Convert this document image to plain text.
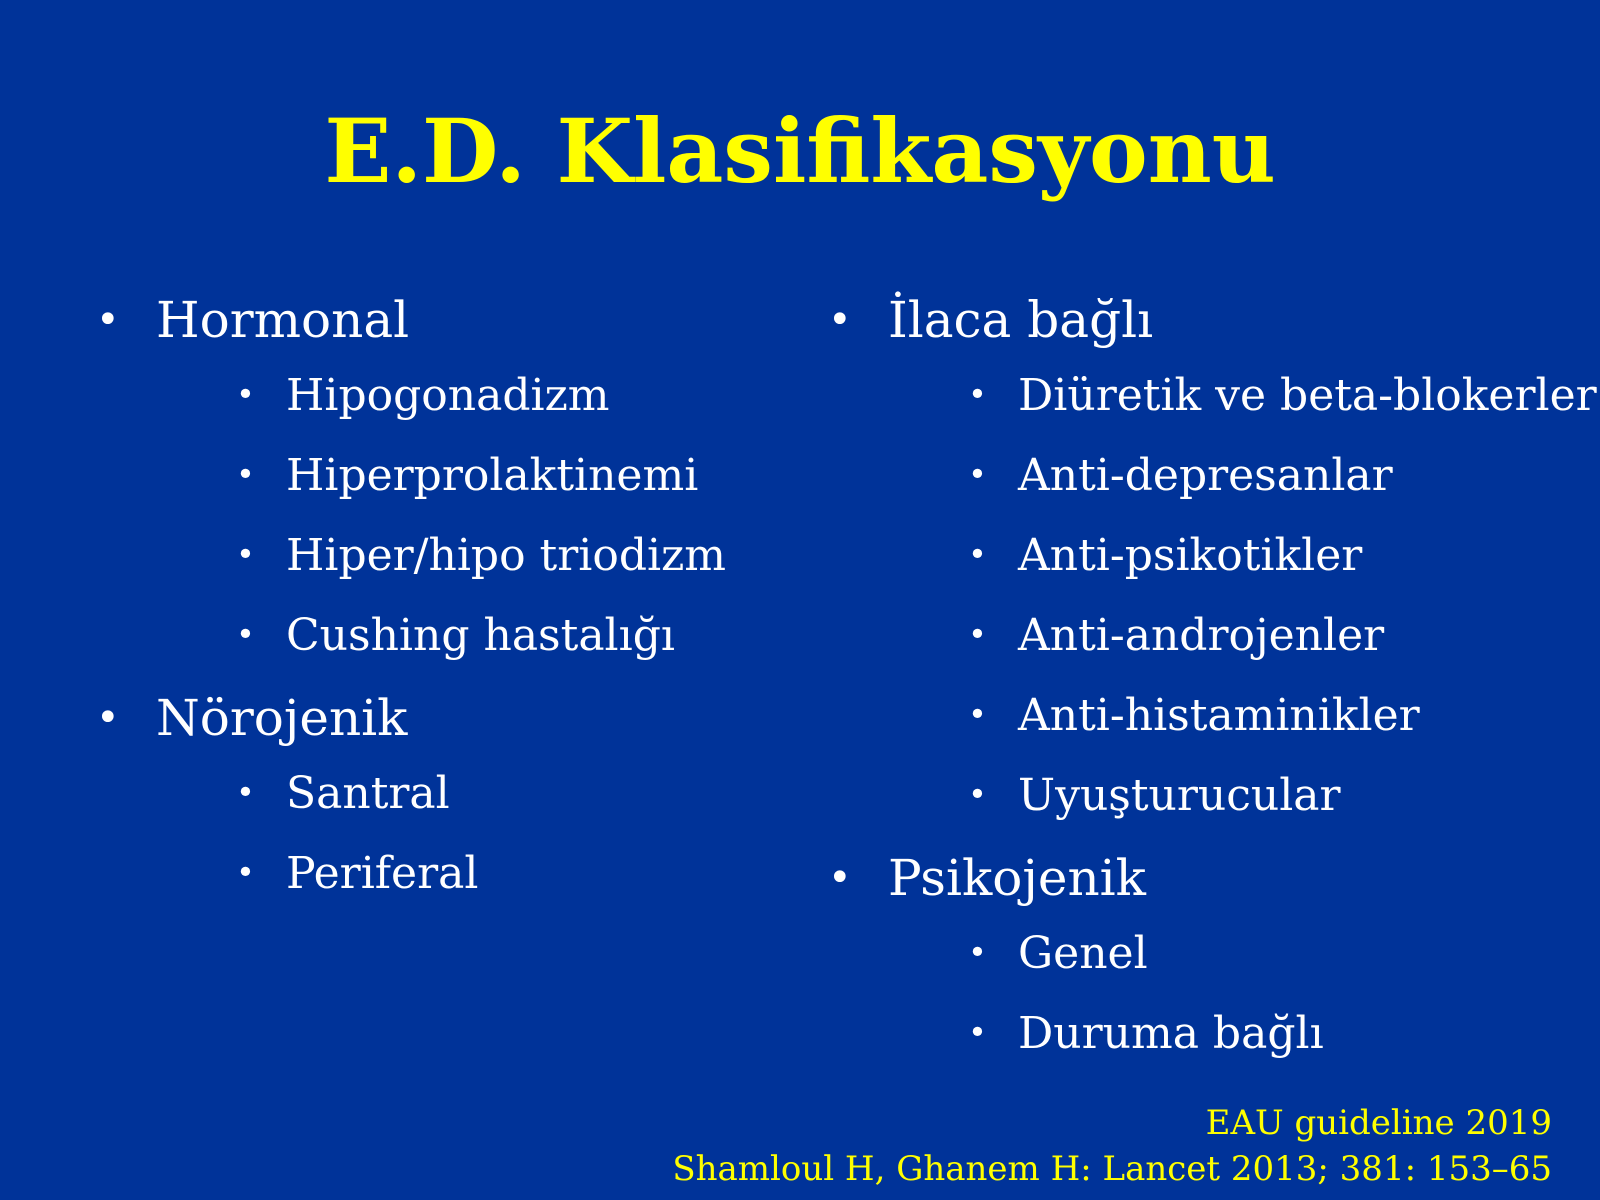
E.D. Klasifikasyonu
• Hormonal
• Hipogonadizm
• Hiperprolaktinemi
• Hiper/hipo triodizm
• Cushing hastalığı
• Nörojenik
• Santral
• Periferal
• İlaca bağlı
• Diüretik ve beta-blokerler
• Anti-depresanlar
• Anti-psikotikler
• Anti-androjenler
• Anti-histaminikler
• Uyuşturucular
• Psikojenik
• Genel
• Duruma bağlı
EAU guideline 2019
Shamloul H, Ghanem H: Lancet 2013; 381: 153–65
